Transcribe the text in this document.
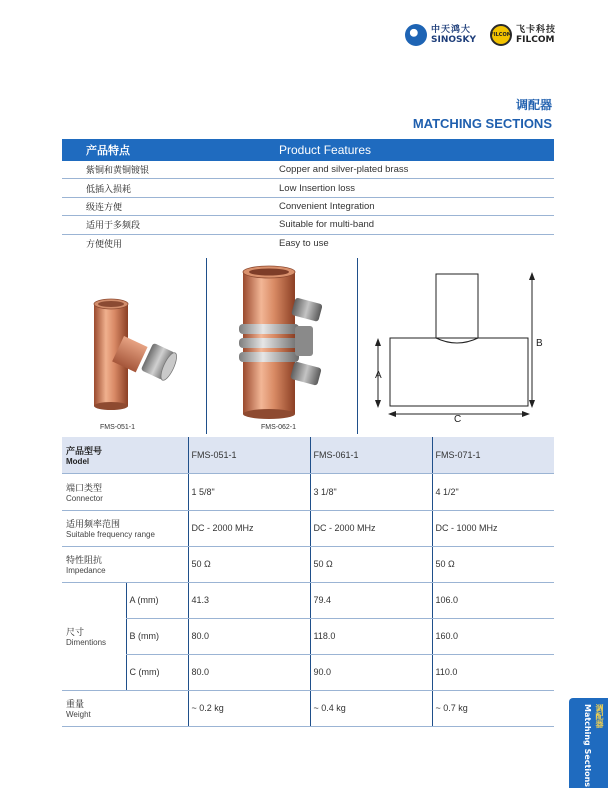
中天鸿大
SINOSKY	FILCOM 飞卡科技
FILCOM
调配器
MATCHING SECTIONS
产品特点	Product Features
紫铜和黄铜镀银	Copper and silver-plated brass
低插入损耗	Low Insertion loss
级连方便	Convenient Integration
适用于多频段	Suitable for multi-band
方便使用	Easy to use
FMS-051-1	FMS-062-1
A
B
C
产品型号
Model		FMS-051-1	FMS-061-1	FMS-071-1

端口类型
Connector		1 5/8"	3 1/8"	4 1/2"

适用频率范围
Suitable frequency range		DC - 2000 MHz	DC - 2000 MHz	DC - 1000 MHz

特性阻抗
Impedance		50 Ω	50 Ω	50 Ω

尺寸
Dimentions	A (mm)	41.3	79.4	106.0
	B (mm)	80.0	118.0	160.0
	C (mm)	80.0	90.0	110.0

重量
Weight		~ 0.2 kg	~ 0.4 kg	~ 0.7 kg	调配器
Matching Sections
